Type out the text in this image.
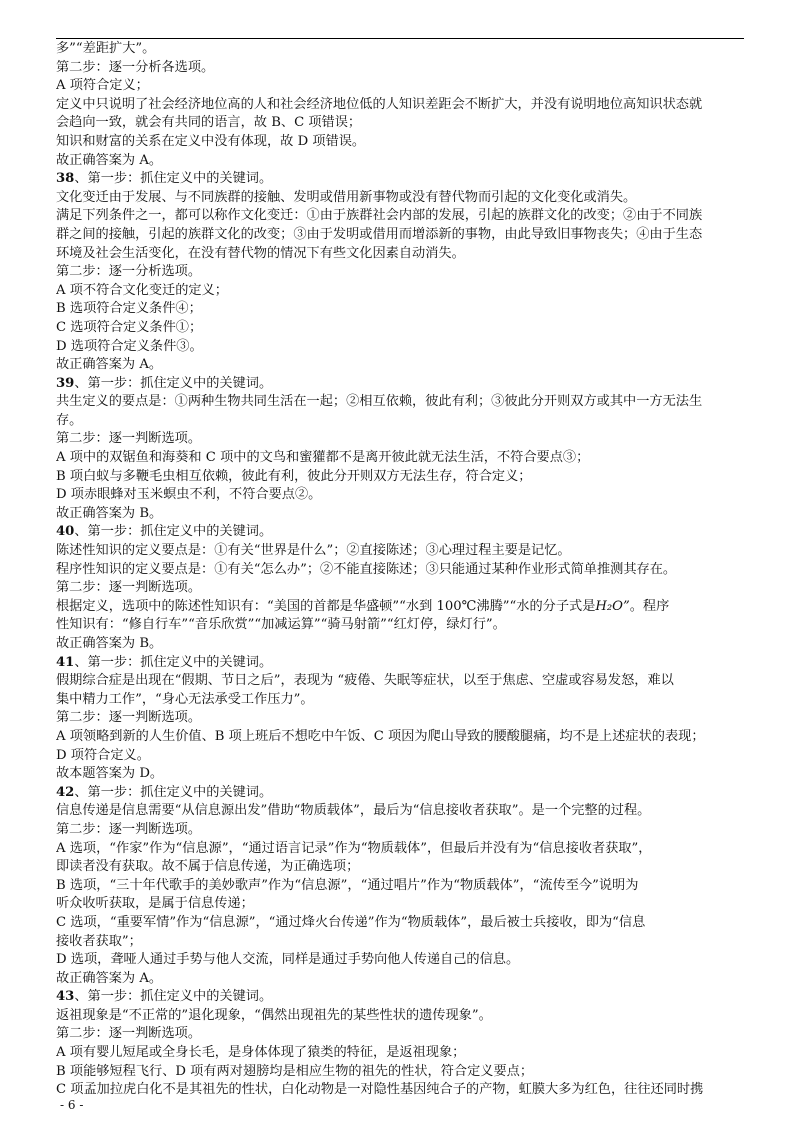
多”“差距扩大”。
第二步：逐一分析各选项。
A 项符合定义；
定义中只说明了社会经济地位高的人和社会经济地位低的人知识差距会不断扩大，并没有说明地位高知识状态就
会趋向一致，就会有共同的语言，故 B、C 项错误；
知识和财富的关系在定义中没有体现，故 D 项错误。
故正确答案为 A。
38、第一步：抓住定义中的关键词。
文化变迁由于发展、与不同族群的接触、发明或借用新事物或没有替代物而引起的文化变化或消失。
满足下列条件之一，都可以称作文化变迁：①由于族群社会内部的发展，引起的族群文化的改变；②由于不同族
群之间的接触，引起的族群文化的改变；③由于发明或借用而增添新的事物，由此导致旧事物丧失；④由于生态
环境及社会生活变化，在没有替代物的情况下有些文化因素自动消失。
第二步：逐一分析选项。
A 项不符合文化变迁的定义；
B 选项符合定义条件④；
C 选项符合定义条件①；
D 选项符合定义条件③。
故正确答案为 A。
39、第一步：抓住定义中的关键词。
共生定义的要点是：①两种生物共同生活在一起；②相互依赖，彼此有利；③彼此分开则双方或其中一方无法生
存。
第二步：逐一判断选项。
A 项中的双锯鱼和海葵和 C 项中的文鸟和蜜獾都不是离开彼此就无法生活，不符合要点③；
B 项白蚁与多鞭毛虫相互依赖，彼此有利，彼此分开则双方无法生存，符合定义；
D 项赤眼蜂对玉米螟虫不利，不符合要点②。
故正确答案为 B。
40、第一步：抓住定义中的关键词。
陈述性知识的定义要点是：①有关“世界是什么”；②直接陈述；③心理过程主要是记忆。
程序性知识的定义要点是：①有关“怎么办”；②不能直接陈述；③只能通过某种作业形式简单推测其存在。
第二步：逐一判断选项。
根据定义，选项中的陈述性知识有：“美国的首都是华盛顿”“水到 100℃沸腾”“水的分子式是H₂O”。程序
性知识有：“修自行车”“音乐欣赏”“加减运算”“骑马射箭”“红灯停，绿灯行”。
故正确答案为 B。
41、第一步：抓住定义中的关键词。
假期综合症是出现在“假期、节日之后”，表现为 “疲倦、失眠等症状，以至于焦虑、空虚或容易发怒，难以
集中精力工作”，“身心无法承受工作压力”。
第二步：逐一判断选项。
A 项领略到新的人生价值、B 项上班后不想吃中午饭、C 项因为爬山导致的腰酸腿痛，均不是上述症状的表现；
D 项符合定义。
故本题答案为 D。
42、第一步：抓住定义中的关键词。
信息传递是信息需要“从信息源出发”借助“物质载体”，最后为“信息接收者获取”。是一个完整的过程。
第二步：逐一判断选项。
A 选项，“作家”作为“信息源”，“通过语言记录”作为“物质载体”，但最后并没有为“信息接收者获取”，
即读者没有获取。故不属于信息传递，为正确选项；
B 选项，“三十年代歌手的美妙歌声”作为“信息源”，“通过唱片”作为“物质载体”，“流传至今”说明为
听众收听获取，是属于信息传递；
C 选项，“重要军情”作为“信息源”，“通过烽火台传递”作为“物质载体”，最后被士兵接收，即为“信息
接收者获取”；
D 选项，聋哑人通过手势与他人交流，同样是通过手势向他人传递自己的信息。
故正确答案为 A。
43、第一步：抓住定义中的关键词。
返祖现象是“不正常的”退化现象，“偶然出现祖先的某些性状的遗传现象”。
第二步：逐一判断选项。
A 项有婴儿短尾或全身长毛，是身体体现了猿类的特征，是返祖现象；
B 项能够短程飞行、D 项有两对翅膀均是相应生物的祖先的性状，符合定义要点；
C 项孟加拉虎白化不是其祖先的性状，白化动物是一对隐性基因纯合子的产物，虹膜大多为红色，往往还同时携
- 6 -
